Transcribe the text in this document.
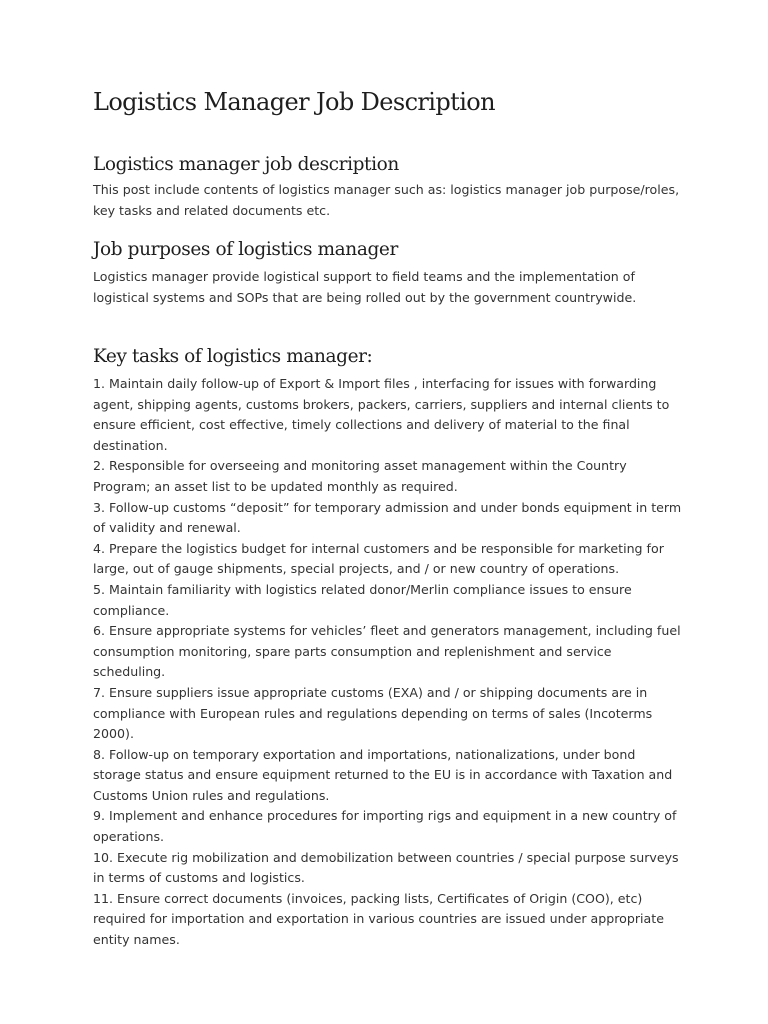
Logistics Manager Job Description
Logistics manager job description

This post include contents of logistics manager such as: logistics manager job purpose/roles, key tasks and related documents etc.

Job purposes of logistics manager

Logistics manager provide logistical support to field teams and the implementation of logistical systems and SOPs that are being rolled out by the government countrywide.

Key tasks of logistics manager:
1. Maintain daily follow-up of Export & Import files , interfacing for issues with forwarding agent, shipping agents, customs brokers, packers, carriers, suppliers and internal clients to ensure efficient, cost effective, timely collections and delivery of material to the final destination.
2. Responsible for overseeing and monitoring asset management within the Country Program; an asset list to be updated monthly as required.
3. Follow-up customs “deposit” for temporary admission and under bonds equipment in term of validity and renewal.
4. Prepare the logistics budget for internal customers and be responsible for marketing for large, out of gauge shipments, special projects, and / or new country of operations.
5. Maintain familiarity with logistics related donor/Merlin compliance issues to ensure compliance.
6. Ensure appropriate systems for vehicles’ fleet and generators management, including fuel consumption monitoring, spare parts consumption and replenishment and service scheduling.
7. Ensure suppliers issue appropriate customs (EXA) and / or shipping documents are in compliance with European rules and regulations depending on terms of sales (Incoterms 2000).
8. Follow-up on temporary exportation and importations, nationalizations, under bond storage status and ensure equipment returned to the EU is in accordance with Taxation and Customs Union rules and regulations.
9. Implement and enhance procedures for importing rigs and equipment in a new country of operations.
10. Execute rig mobilization and demobilization between countries / special purpose surveys in terms of customs and logistics.
11. Ensure correct documents (invoices, packing lists, Certificates of Origin (COO), etc) required for importation and exportation in various countries are issued under appropriate entity names.
